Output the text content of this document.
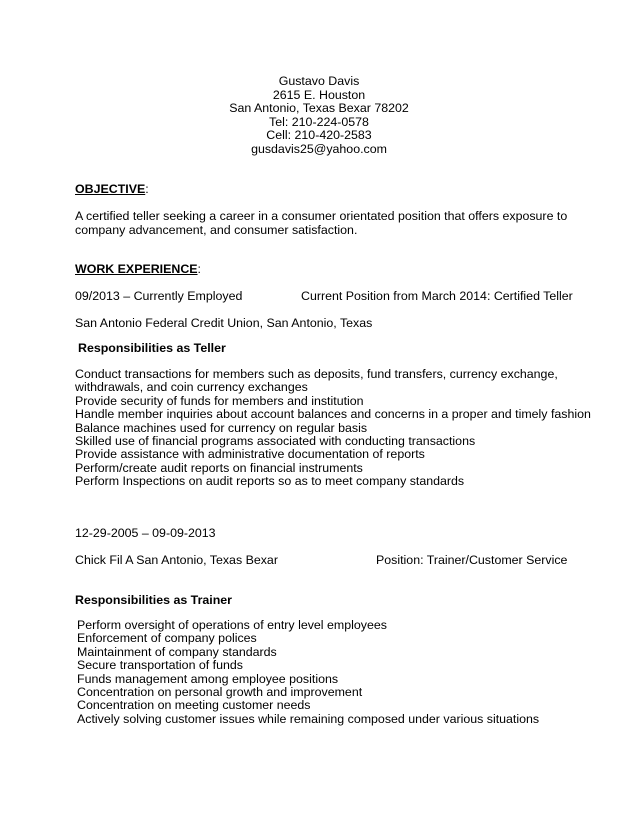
Gustavo Davis
2615 E. Houston
San Antonio, Texas Bexar 78202
Tel: 210-224-0578
Cell: 210-420-2583
gusdavis25@yahoo.com
OBJECTIVE:
A certified teller seeking a career in a consumer orientated position that offers exposure to
company advancement, and consumer satisfaction.
WORK EXPERIENCE:
09/2013 – Currently Employed	Current Position from March 2014: Certified Teller
San Antonio Federal Credit Union, San Antonio, Texas
Responsibilities as Teller
Conduct transactions for members such as deposits, fund transfers, currency exchange,
withdrawals, and coin currency exchanges
Provide security of funds for members and institution
Handle member inquiries about account balances and concerns in a proper and timely fashion
Balance machines used for currency on regular basis
Skilled use of financial programs associated with conducting transactions
Provide assistance with administrative documentation of reports
Perform/create audit reports on financial instruments
Perform Inspections on audit reports so as to meet company standards
12-29-2005 – 09-09-2013
Chick Fil A San Antonio, Texas Bexar	Position: Trainer/Customer Service
Responsibilities as Trainer
Perform oversight of operations of entry level employees
Enforcement of company polices
Maintainment of company standards
Secure transportation of funds
Funds management among employee positions
Concentration on personal growth and improvement
Concentration on meeting customer needs
Actively solving customer issues while remaining composed under various situations
